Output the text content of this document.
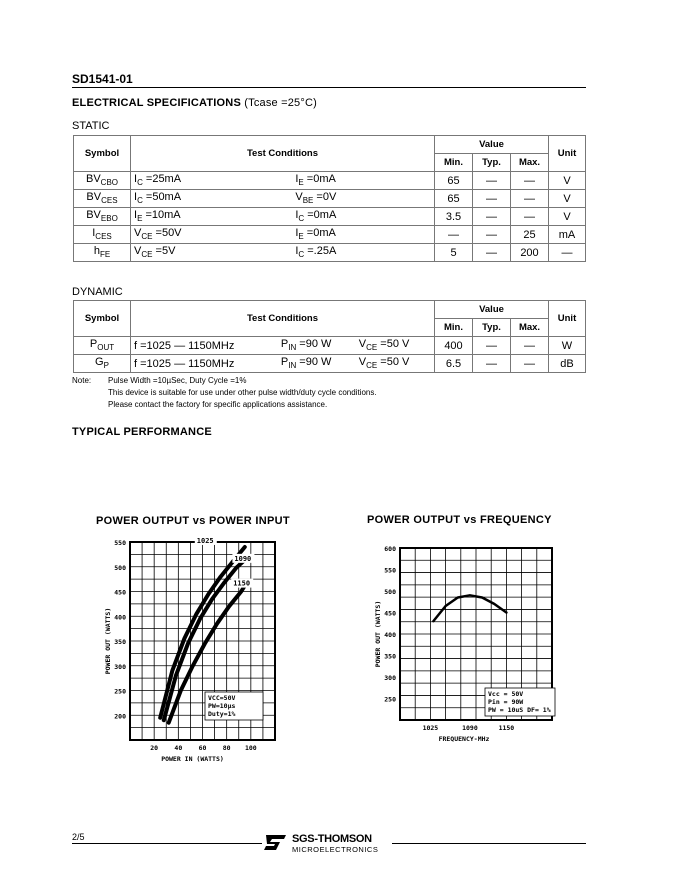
SD1541-01
ELECTRICAL SPECIFICATIONS (Tcase =25°C)
STATIC
Symbol	Test Conditions		Value			Unit
			Min.	Typ.	Max.	
$BV_{CBO}$	$I_C =25mA$	$I_E =0mA$	65	—	—	V
$BV_{CES}$	$I_C =50mA$	$V_{BE} =0V$	65	—	—	V
$BV_{EBO}$	$I_E =10mA$	$I_C =0mA$	3.5	—	—	V
$I_{CES}$	$V_{CE} =50V$	$I_E =0mA$	—	—	25	mA
$h_{FE}$	$V_{CE} =5V$	$I_C =.25A$	5	—	200	—
DYNAMIC
Symbol	Test Conditions			Value			Unit
				Min.	Typ.	Max.	
$P_{OUT}$	f =1025 — 1150MHz	$P_{IN} =90$ W	$V_{CE} =50$ V	400	—	—	W
$G_P$	f =1025 — 1150MHz	$P_{IN} =90$ W	$V_{CE} =50$ V	6.5	—	—	dB
Note: Pulse Width =10µSec, Duty Cycle =1%
This device is suitable for use under other pulse width/duty cycle conditions.
Please contact the factory for specific applications assistance.
TYPICAL PERFORMANCE
POWER OUTPUT vs POWER INPUT
200
250
300
350
400
450
500
550
20	40	60	80 100
POWER IN (WATTS)
POWER OUT (WATTS)
1025
1090
1150
VCC=50V
PW=10µs
Duty=1%
POWER OUTPUT vs FREQUENCY
250
300
350
400
450
500
550
600
1025	1090	1150
FREQUENCY-MHz
POWER OUT (WATTS)
Vcc = 50V
Pin = 90W
PW = 10uS DF= 1%
2/5	SGS-THOMSON
MICROELECTRONICS
